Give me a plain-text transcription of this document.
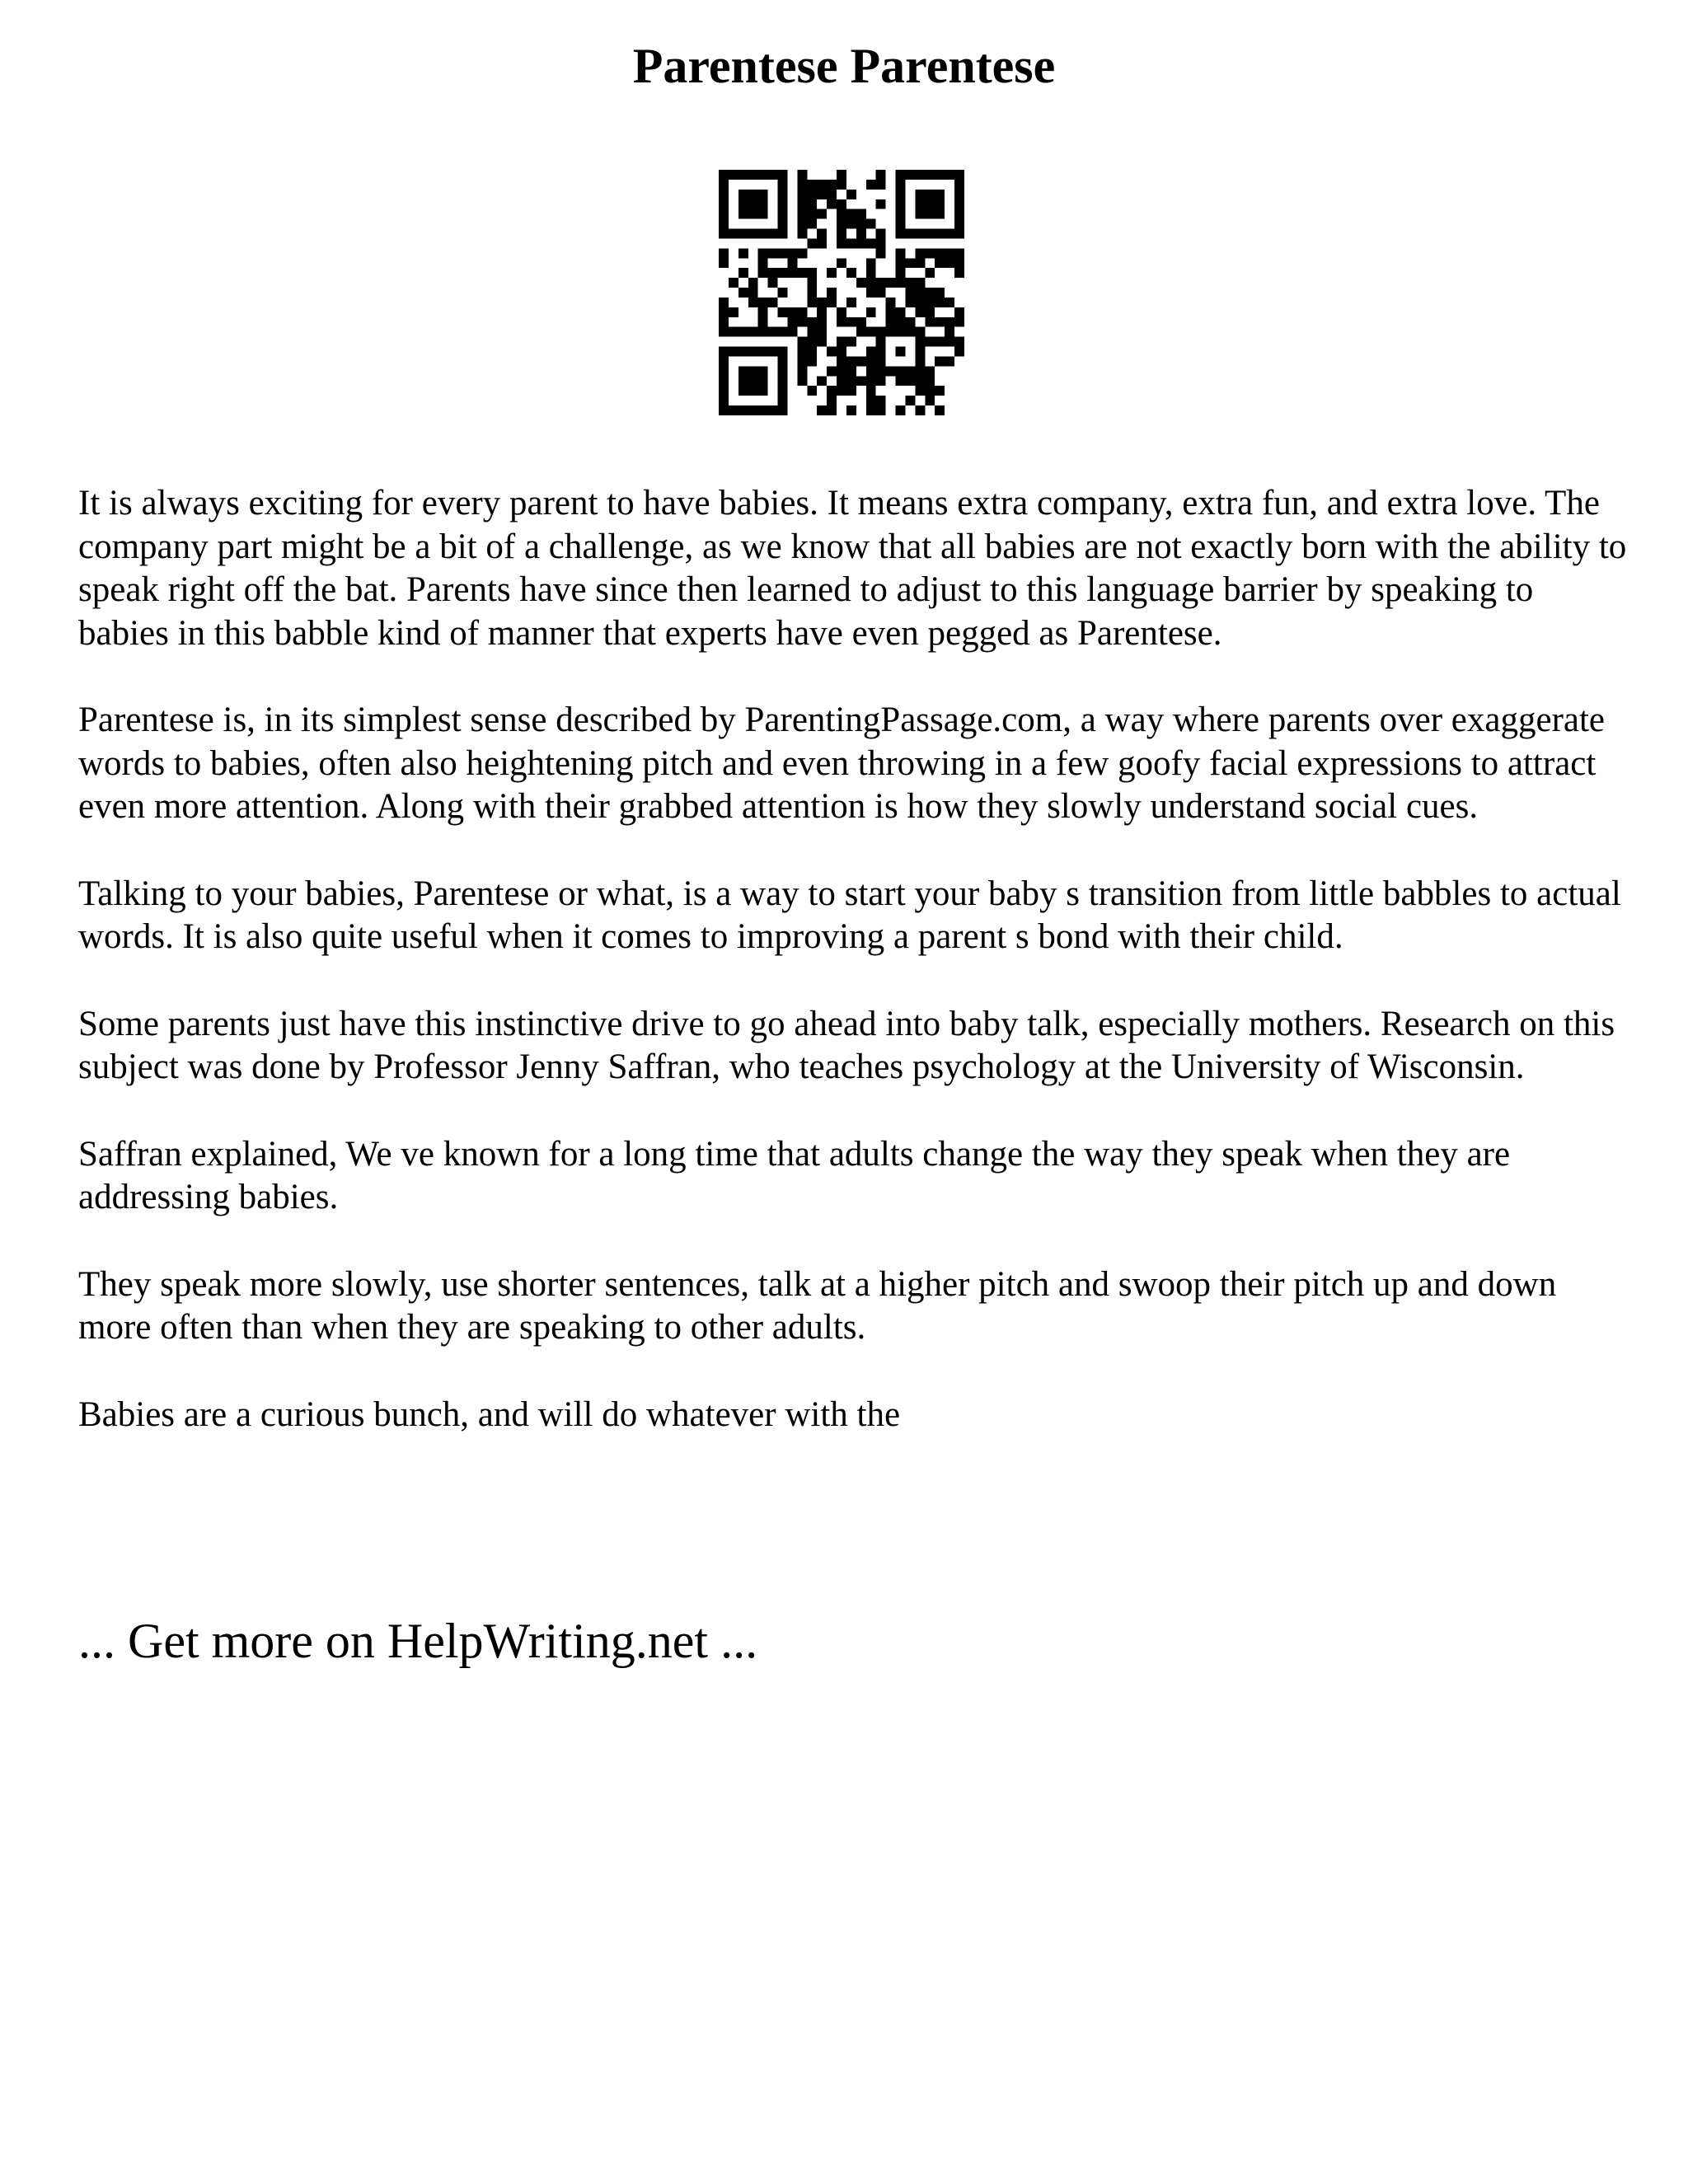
Parentese Parentese

It is always exciting for every parent to have babies. It means extra company, extra fun, and extra love. The company part might be a bit of a challenge, as we know that all babies are not exactly born with the ability to speak right off the bat. Parents have since then learned to adjust to this language barrier by speaking to babies in this babble kind of manner that experts have even pegged as Parentese.

Parentese is, in its simplest sense described by ParentingPassage.com, a way where parents over exaggerate words to babies, often also heightening pitch and even throwing in a few goofy facial expressions to attract even more attention. Along with their grabbed attention is how they slowly understand social cues.

Talking to your babies, Parentese or what, is a way to start your baby s transition from little babbles to actual words. It is also quite useful when it comes to improving a parent s bond with their child.

Some parents just have this instinctive drive to go ahead into baby talk, especially mothers. Research on this subject was done by Professor Jenny Saffran, who teaches psychology at the University of Wisconsin.

Saffran explained, We ve known for a long time that adults change the way they speak when they are addressing babies.

They speak more slowly, use shorter sentences, talk at a higher pitch and swoop their pitch up and down more often than when they are speaking to other adults.

Babies are a curious bunch, and will do whatever with the

... Get more on HelpWriting.net ...
